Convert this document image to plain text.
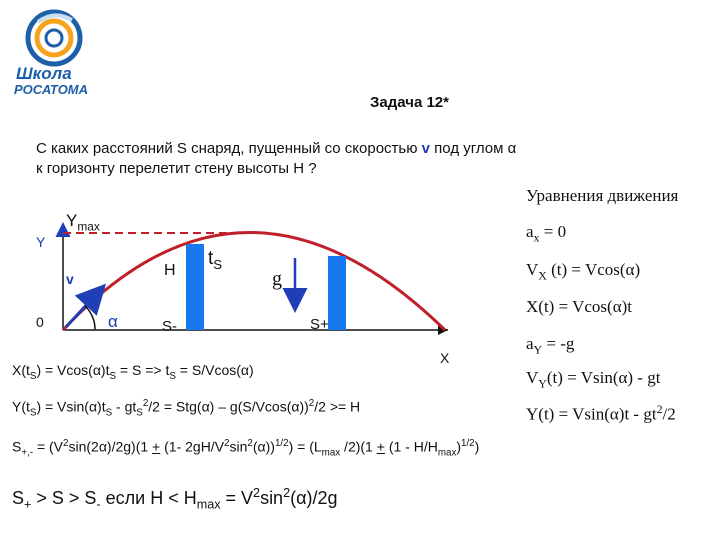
Школа
РОСАТОМА
Задача 12*
С каких расстояний S снаряд, пущенный со скоростью v под углом α
к горизонту перелетит стену высоты H ?
Y
$Y_{max}$
v
0	α
H
$t_S$
g
S-	S+
X
Уравнения движения
$a_x = 0$
$V_X$ (t) = Vcos(α)
X(t) = Vcos(α)t
$a_Y = -g$
$V_Y(t) = Vsin(\alpha)$ - gt
$Y(t) = Vsin(\alpha)t - gt^2/2$
$X(t_S) = Vcos(\alpha)t_S = S => t_S = S/Vcos(\alpha)$
$Y(t_S) = Vsin(\alpha)t_S - gt_S^2/2 = Stg(\alpha) - g(S/Vcos(\alpha))^2/2 >= H$
$S_{+,-} = (V^2\sin(2\alpha)/2g)(1 + (1-$ $2gH/V^2\sin^2(\alpha))^{1/2}) = (L_{max}$ $/2)(1 + (1 - H/H_{max})^{1/2})$
$S_+ > S > S_-$ если $H < H_{max} = V^2\sin^2(\alpha)/2g$
